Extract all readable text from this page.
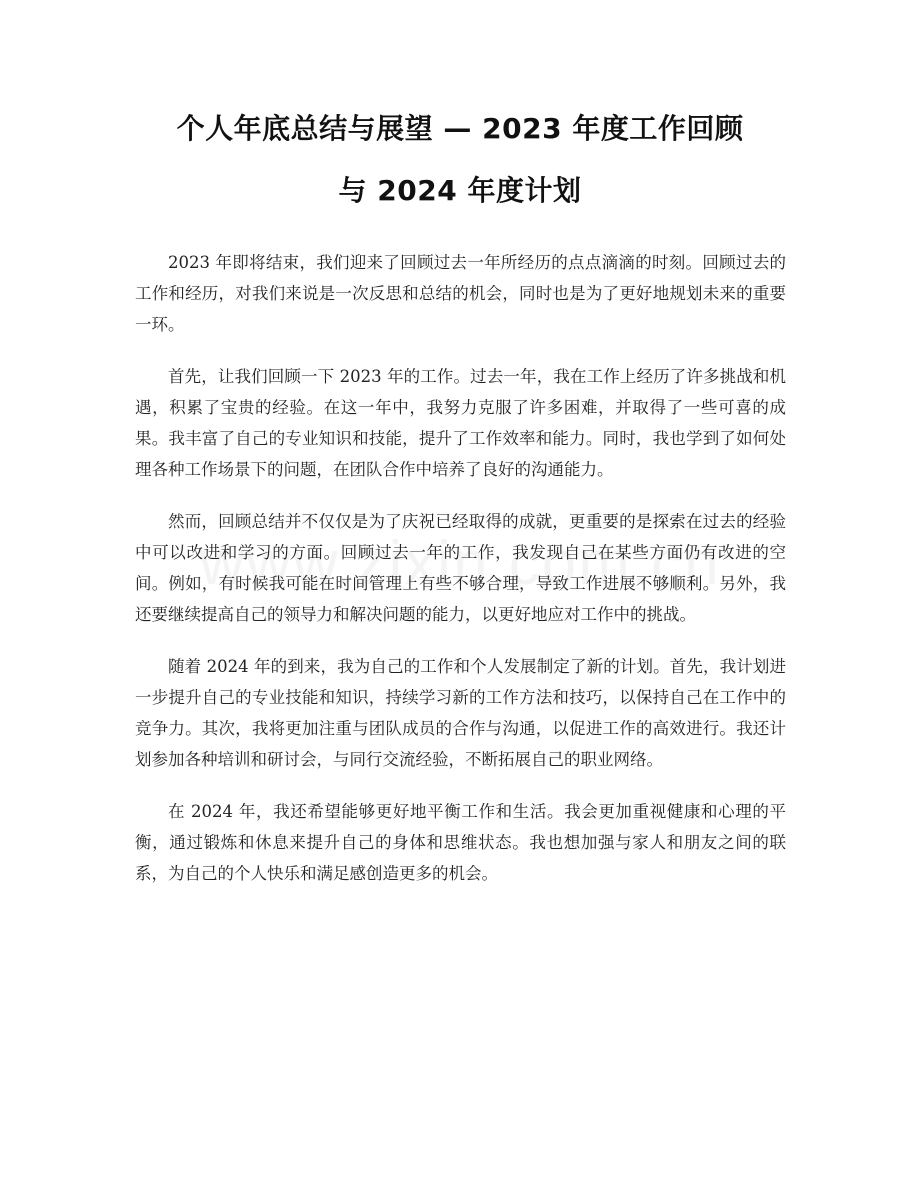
个人年底总结与展望 — 2023 年度工作回顾
与 2024 年度计划

2023 年即将结束，我们迎来了回顾过去一年所经历的点点滴滴的时刻。回顾过去的工作和经历，对我们来说是一次反思和总结的机会，同时也是为了更好地规划未来的重要一环。

首先，让我们回顾一下 2023 年的工作。过去一年，我在工作上经历了许多挑战和机遇，积累了宝贵的经验。在这一年中，我努力克服了许多困难，并取得了一些可喜的成果。我丰富了自己的专业知识和技能，提升了工作效率和能力。同时，我也学到了如何处理各种工作场景下的问题，在团队合作中培养了良好的沟通能力。

然而，回顾总结并不仅仅是为了庆祝已经取得的成就，更重要的是探索在过去的经验中可以改进和学习的方面。回顾过去一年的工作，我发现自己在某些方面仍有改进的空间。例如，有时候我可能在时间管理上有些不够合理，导致工作进展不够顺利。另外，我还要继续提高自己的领导力和解决问题的能力，以更好地应对工作中的挑战。

随着 2024 年的到来，我为自己的工作和个人发展制定了新的计划。首先，我计划进一步提升自己的专业技能和知识，持续学习新的工作方法和技巧，以保持自己在工作中的竞争力。其次，我将更加注重与团队成员的合作与沟通，以促进工作的高效进行。我还计划参加各种培训和研讨会，与同行交流经验，不断拓展自己的职业网络。

在 2024 年，我还希望能够更好地平衡工作和生活。我会更加重视健康和心理的平衡，通过锻炼和休息来提升自己的身体和思维状态。我也想加强与家人和朋友之间的联系，为自己的个人快乐和满足感创造更多的机会。
